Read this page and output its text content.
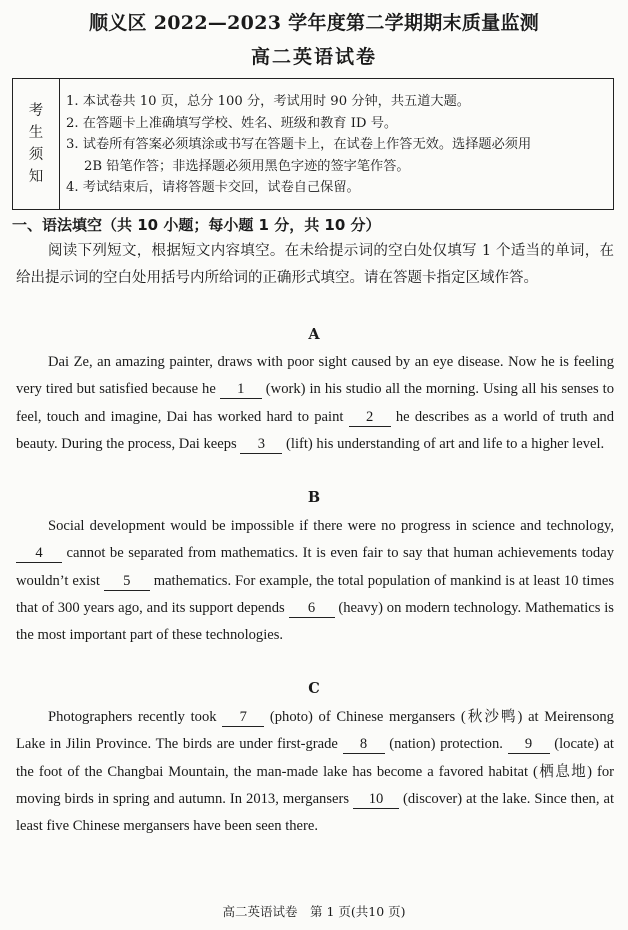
顺义区 2022—2023 学年度第二学期期末质量监测
高二英语试卷
考
生
须
知

1. 本试卷共 10 页，总分 100 分，考试用时 90 分钟，共五道大题。

2. 在答题卡上准确填写学校、姓名、班级和教育 ID 号。

3. 试卷所有答案必须填涂或书写在答题卡上，在试卷上作答无效。选择题必须用

2B 铅笔作答；非选择题必须用黑色字迹的签字笔作答。

4. 考试结束后，请将答题卡交回，试卷自己保留。

一、语法填空（共 10 小题；每小题 1 分，共 10 分）
阅读下列短文，根据短文内容填空。在未给提示词的空白处仅填写 1 个适当的单词，在给出提示词的空白处用括号内所给词的正确形式填空。请在答题卡指定区域作答。
A
Dai Ze, an amazing painter, draws with poor sight caused by an eye disease. Now he is feeling very tired but satisfied because he 1 (work) in his studio all the morning. Using all his senses to feel, touch and imagine, Dai has worked hard to paint 2 he describes as a world of truth and beauty. During the process, Dai keeps 3 (lift) his understanding of art and life to a higher level.
B
Social development would be impossible if there were no progress in science and technology, 4 cannot be separated from mathematics. It is even fair to say that human achievements today wouldn’t exist 5 mathematics. For example, the total population of mankind is at least 10 times that of 300 years ago, and its support depends 6 (heavy) on modern technology. Mathematics is the most important part of these technologies.
C
Photographers recently took 7 (photo) of Chinese mergansers (秋沙鸭) at Meirensong Lake in Jilin Province. The birds are under first-grade 8 (nation) protection. 9 (locate) at the foot of the Changbai Mountain, the man-made lake has become a favored habitat (栖息地) for moving birds in spring and autumn. In 2013, mergansers 10 (discover) at the lake. Since then, at least five Chinese mergansers have been seen there.
高二英语试卷　第 1 页(共10 页)
